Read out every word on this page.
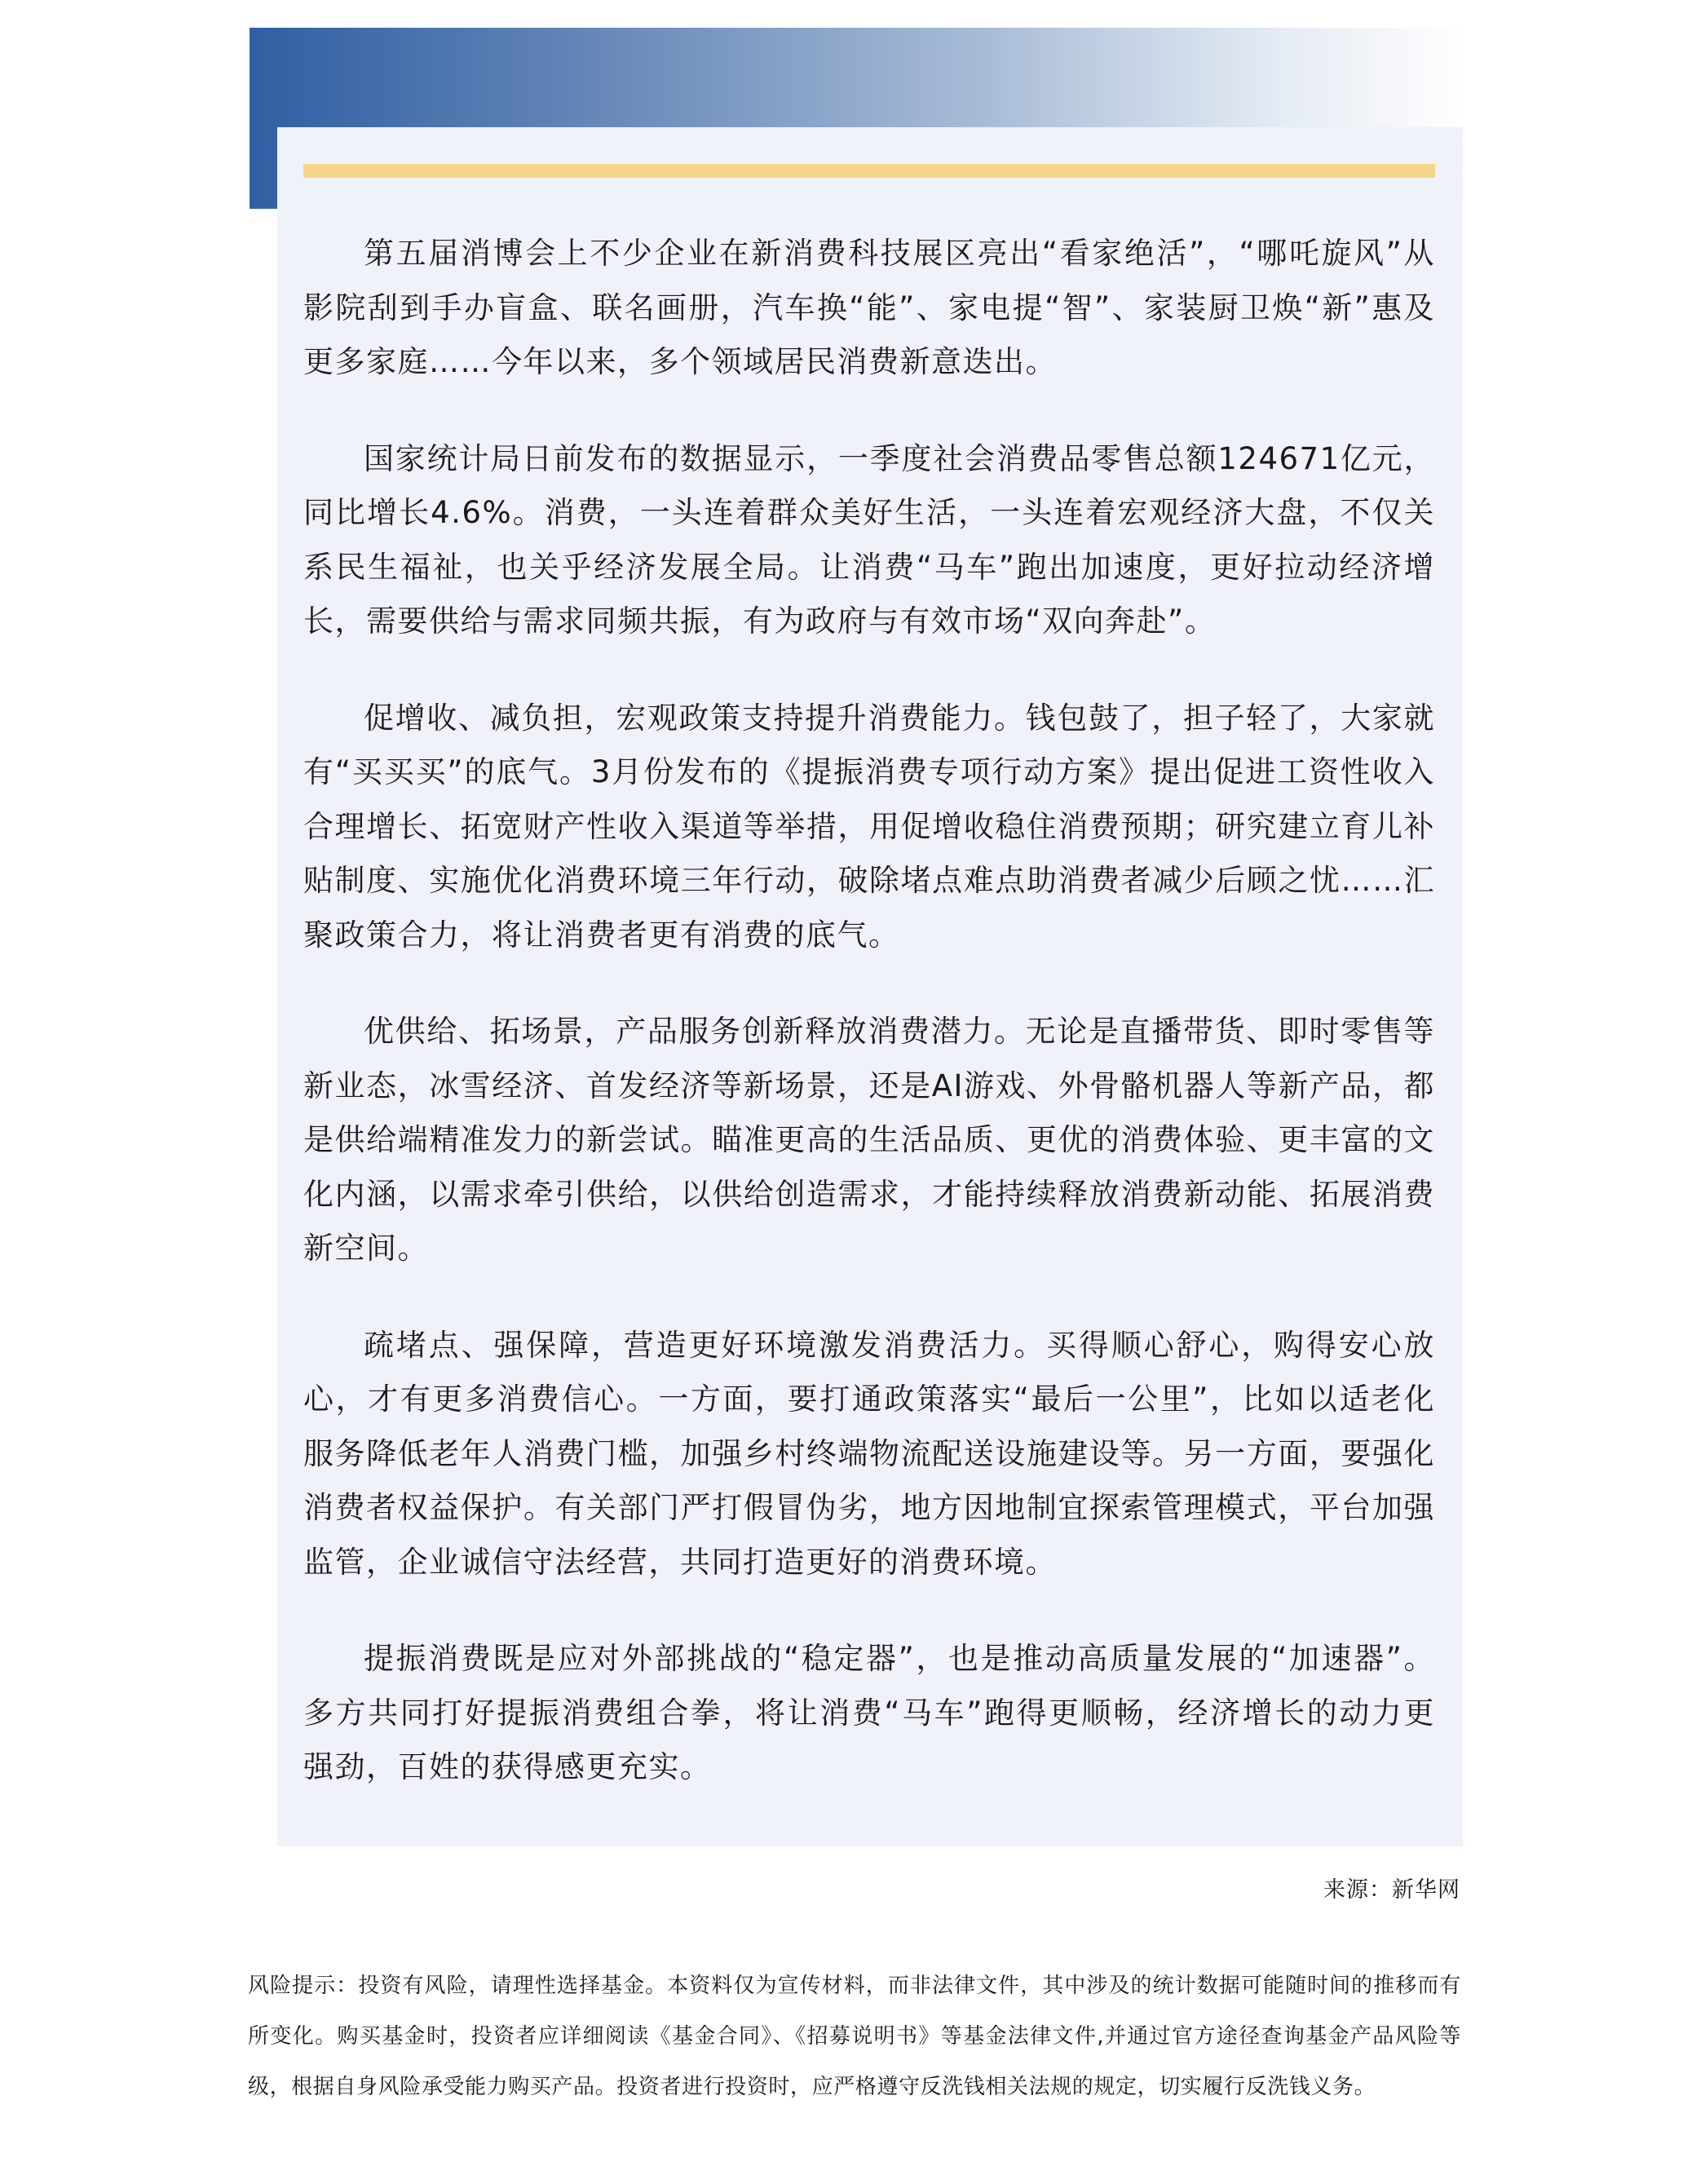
第五届消博会上不少企业在新消费科技展区亮出“看家绝活”，“哪吒旋风”从影院刮到手办盲盒、联名画册，汽车换“能”、家电提“智”、家装厨卫焕“新”惠及更多家庭……今年以来，多个领域居民消费新意迭出。

国家统计局日前发布的数据显示，一季度社会消费品零售总额124671亿元，同比增长4.6%。消费，一头连着群众美好生活，一头连着宏观经济大盘，不仅关系民生福祉，也关乎经济发展全局。让消费“马车”跑出加速度，更好拉动经济增长，需要供给与需求同频共振，有为政府与有效市场“双向奔赴”。

促增收、减负担，宏观政策支持提升消费能力。钱包鼓了，担子轻了，大家就有“买买买”的底气。3月份发布的《提振消费专项行动方案》提出促进工资性收入合理增长、拓宽财产性收入渠道等举措，用促增收稳住消费预期；研究建立育儿补贴制度、实施优化消费环境三年行动，破除堵点难点助消费者减少后顾之忧……汇聚政策合力，将让消费者更有消费的底气。

优供给、拓场景，产品服务创新释放消费潜力。无论是直播带货、即时零售等新业态，冰雪经济、首发经济等新场景，还是AI游戏、外骨骼机器人等新产品，都是供给端精准发力的新尝试。瞄准更高的生活品质、更优的消费体验、更丰富的文化内涵，以需求牵引供给，以供给创造需求，才能持续释放消费新动能、拓展消费新空间。

疏堵点、强保障，营造更好环境激发消费活力。买得顺心舒心，购得安心放心，才有更多消费信心。一方面，要打通政策落实“最后一公里”，比如以适老化服务降低老年人消费门槛，加强乡村终端物流配送设施建设等。另一方面，要强化消费者权益保护。有关部门严打假冒伪劣，地方因地制宜探索管理模式，平台加强监管，企业诚信守法经营，共同打造更好的消费环境。

提振消费既是应对外部挑战的“稳定器”，也是推动高质量发展的“加速器”。多方共同打好提振消费组合拳，将让消费“马车”跑得更顺畅，经济增长的动力更强劲，百姓的获得感更充实。

来源：新华网
风险提示：投资有风险，请理性选择基金。本资料仅为宣传材料，而非法律文件，其中涉及的统计数据可能随时间的推移而有所变化。购买基金时，投资者应详细阅读《基金合同》、《招募说明书》等基金法律文件,并通过官方途径查询基金产品风险等级，根据自身风险承受能力购买产品。投资者进行投资时，应严格遵守反洗钱相关法规的规定，切实履行反洗钱义务。
